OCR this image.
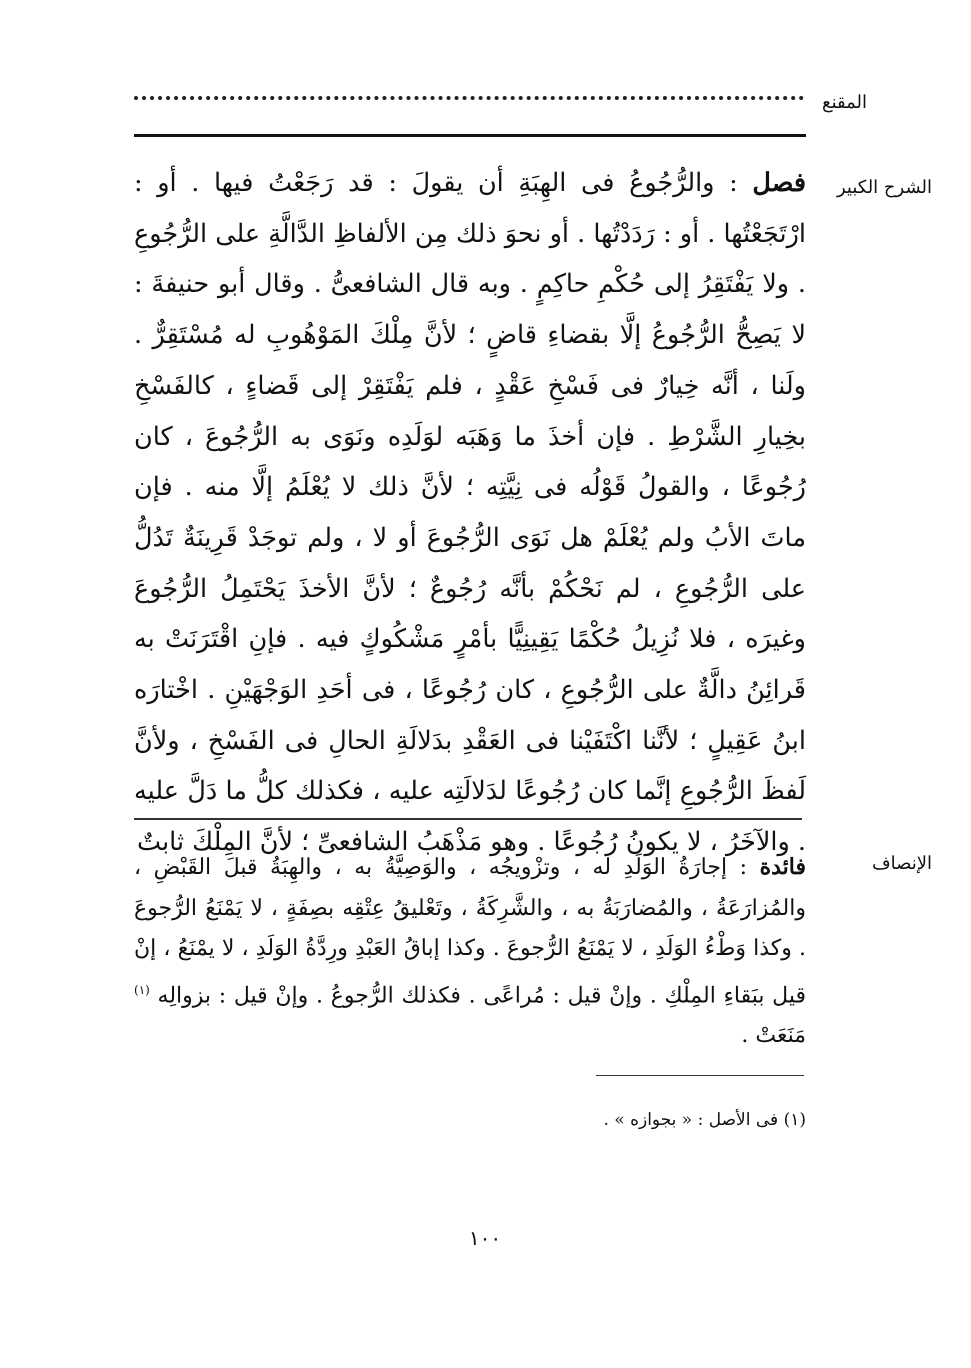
المقنع
الشرح الكبير
فصل : والرُّجُوعُ فى الهِبَةِ أن يقولَ : قد رَجَعْتُ فيها . أو : ارْتَجَعْتُها . أو : رَدَدْتُها . أو نحوَ ذلك مِن الألفاظِ الدَّالَّةِ على الرُّجُوعِ . ولا يَفْتَقِرُ إلى حُكْمِ حاكِمٍ . وبه قال الشافعىُّ . وقال أبو حنيفةَ : لا يَصِحُّ الرُّجُوعُ إلَّا بقضاءِ قاضٍ ؛ لأنَّ مِلْكَ المَوْهُوبِ له مُسْتَقِرٌّ . ولَنا ، أنَّه خِيارٌ فى فَسْخِ عَقْدٍ ، فلم يَفْتَقِرْ إلى قَضاءٍ ، كالفَسْخِ بخِيارِ الشَّرْطِ . فإن أخذَ ما وَهَبَه لوَلَدِه ونَوَى به الرُّجُوعَ ، كان رُجُوعًا ، والقولُ قَوْلُه فى نِيَّتِه ؛ لأنَّ ذلك لا يُعْلَمُ إلَّا منه . فإن ماتَ الأبُ ولم يُعْلَمْ هل نَوَى الرُّجُوعَ أو لا ، ولم توجَدْ قَرِينَةٌ تَدُلُّ على الرُّجُوعِ ، لم نَحْكُمْ بأنَّه رُجُوعٌ ؛ لأنَّ الأخذَ يَحْتَمِلُ الرُّجُوعَ وغيرَه ، فلا نُزِيلُ حُكْمًا يَقِينِيًّا بأمْرٍ مَشْكُوكٍ فيه . فإنِ اقْتَرَنَتْ به قَرائِنُ دالَّةٌ على الرُّجُوعِ ، كان رُجُوعًا ، فى أحَدِ الوَجْهَيْنِ . اخْتارَه ابنُ عَقِيلٍ ؛ لأنَّنا اكْتَفَيْنا فى العَقْدِ بدَلالَةِ الحالِ فى الفَسْخِ ، ولأنَّ لَفظَ الرُّجُوعِ إنَّما كان رُجُوعًا لدَلالَتِه عليه ، فكذلك كلُّ ما دَلَّ عليه . والآخَرُ ، لا يكونُ رُجُوعًا . وهو مَذْهَبُ الشافعىِّ ؛ لأنَّ المِلْكَ ثابتٌ
الإنصاف
فائدة : إجارَةُ الوَلَدِ له ، وتزْويجُه ، والوَصِيَّةُ به ، والهِبَةُ قبلَ القَبْضِ ، والمُزارَعَةُ ، والمُضارَبَةُ به ، والشَّرِكَةُ ، وتَعْليقُ عِتْقِه بصِفَةٍ ، لا يَمْنَعُ الرُّجوعَ . وكذا وَطْءُ الوَلَدِ ، لا يَمْنَعُ الرُّجوعَ . وكذا إباقُ العَبْدِ ورِدَّةُ الوَلَدِ ، لا يمْنَعُ ، إنْ قيل ببَقاءِ المِلْكِ . وإنْ قيل : مُراعًى . فكذلك الرُّجوعُ . وإنْ قيل : بزوالِه $^{(١)}$ مَنَعَتْ .
(١) فى الأصل : « بجوازه » .
١٠٠
